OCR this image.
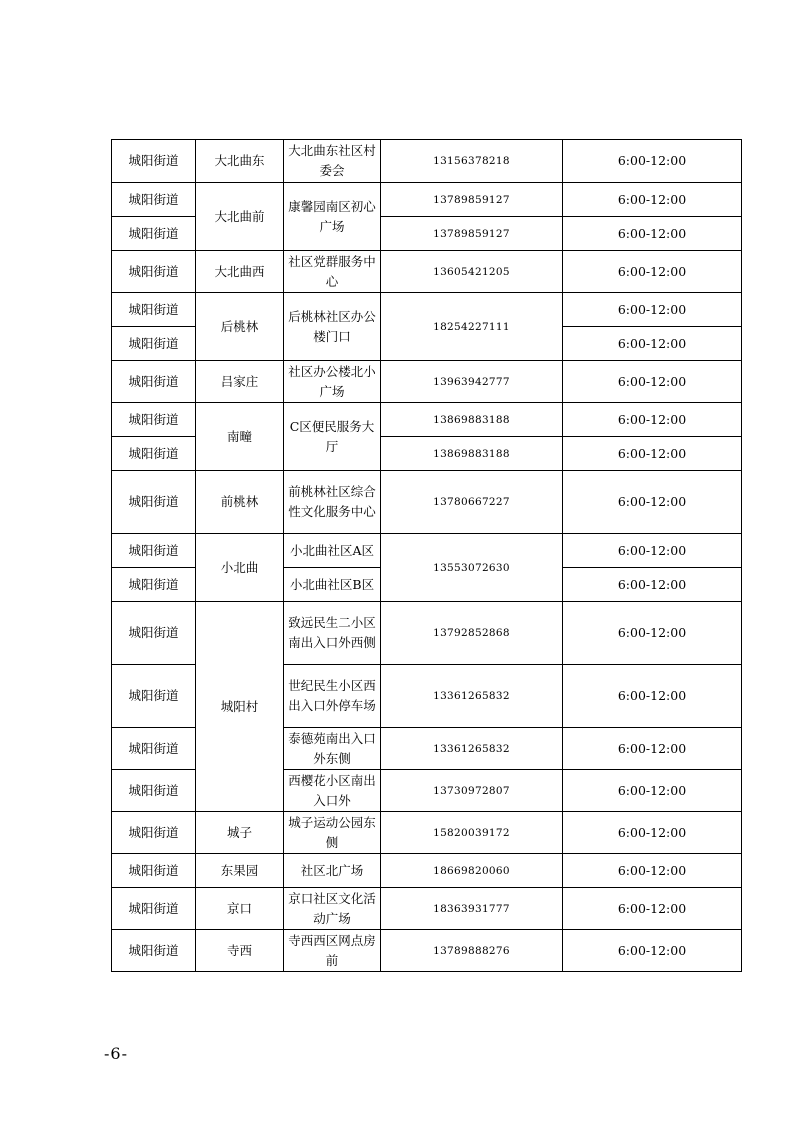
城阳街道	大北曲东	大北曲东社区村委会	13156378218	6:00-12:00
城阳街道	大北曲前	康馨园南区初心广场	13789859127	6:00-12:00
城阳街道			13789859127	6:00-12:00
城阳街道	大北曲西	社区党群服务中心	13605421205	6:00-12:00
城阳街道	后桃林	后桃林社区办公楼门口	18254227111	6:00-12:00
城阳街道				6:00-12:00
城阳街道	吕家庄	社区办公楼北小广场	13963942777	6:00-12:00
城阳街道	南疃	C区便民服务大厅	13869883188	6:00-12:00
城阳街道			13869883188	6:00-12:00
城阳街道	前桃林	前桃林社区综合性文化服务中心	13780667227	6:00-12:00
城阳街道	小北曲	小北曲社区A区	13553072630	6:00-12:00
城阳街道		小北曲社区B区		6:00-12:00
城阳街道	城阳村	致远民生二小区南出入口外西侧	13792852868	6:00-12:00
城阳街道		世纪民生小区西出入口外停车场	13361265832	6:00-12:00
城阳街道		泰德苑南出入口外东侧	13361265832	6:00-12:00
城阳街道		西樱花小区南出入口外	13730972807	6:00-12:00
城阳街道	城子	城子运动公园东侧	15820039172	6:00-12:00
城阳街道	东果园	社区北广场	18669820060	6:00-12:00
城阳街道	京口	京口社区文化活动广场	18363931777	6:00-12:00
城阳街道	寺西	寺西西区网点房前	13789888276	6:00-12:00
-6-
